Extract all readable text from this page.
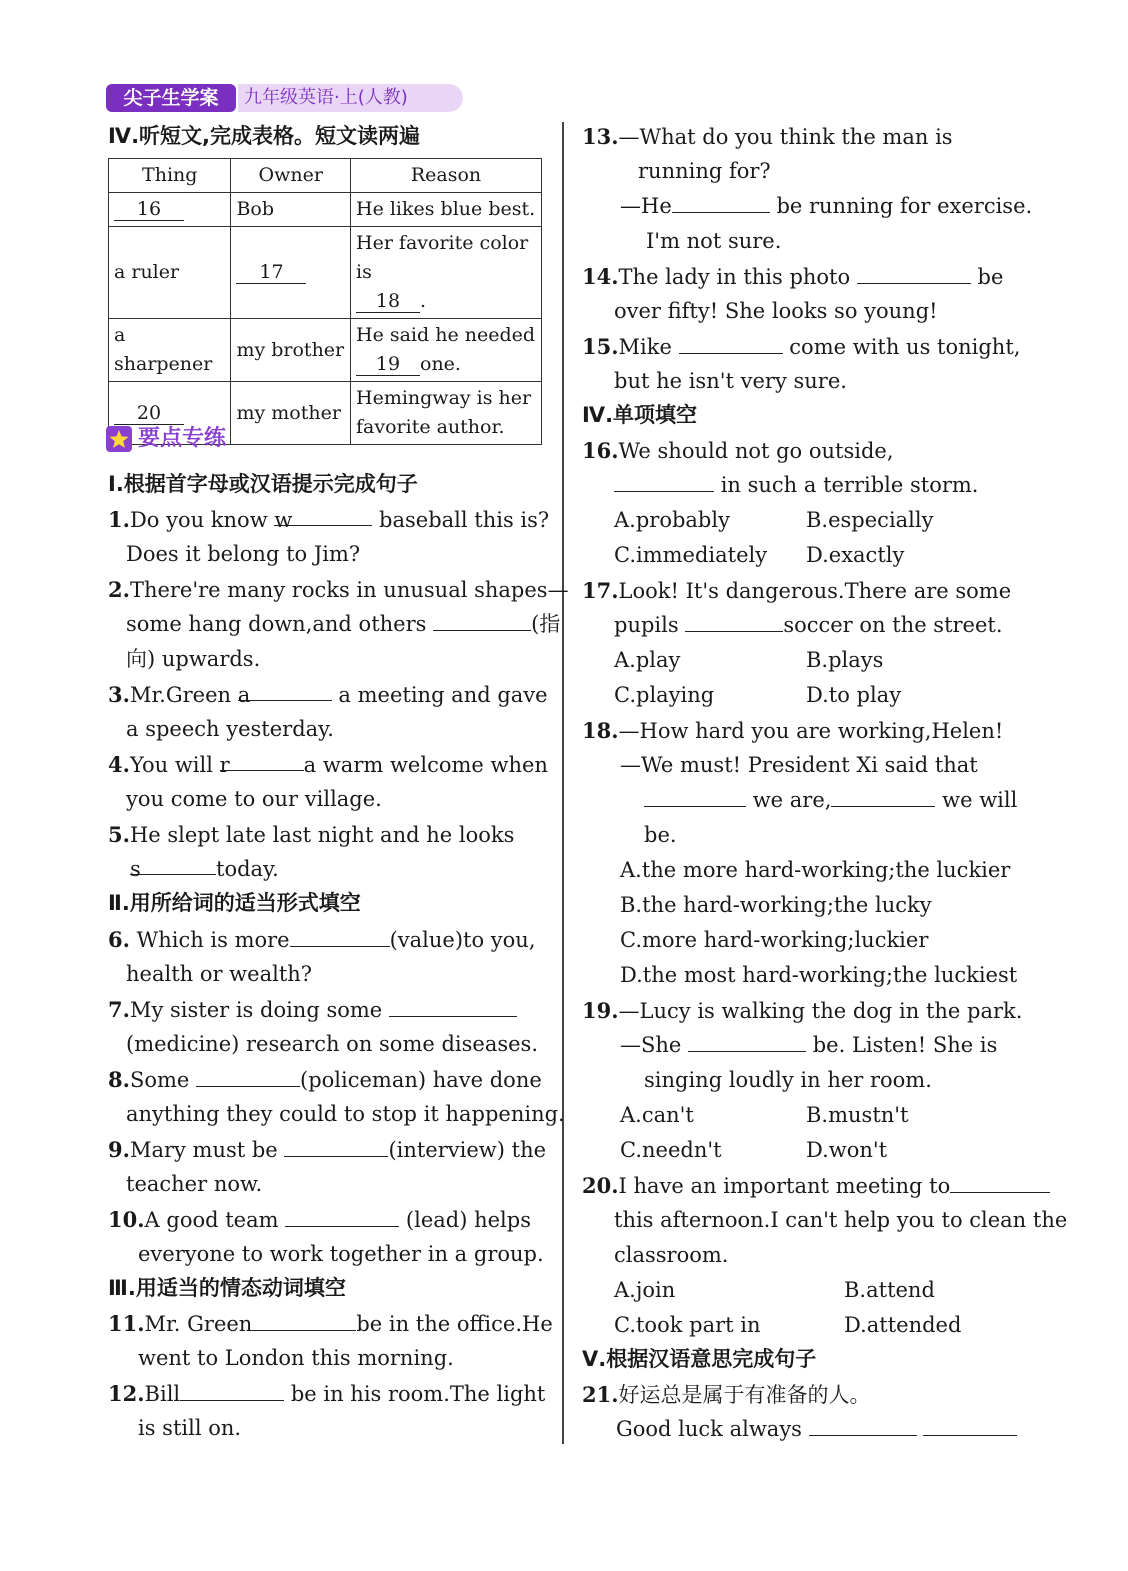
尖子生学案	九年级英语·上(人教)
Ⅳ.听短文,完成表格。短文读两遍
Thing	Owner	Reason
16	Bob	He likes blue best.
a ruler	17	Her favorite color is
18 .

a sharpener	my brother	He said he needed
19 one.

20	my mother	Hemingway is her
favorite author.
要点专练
Ⅰ.根据首字母或汉语提示完成句子
1.Do you know w	baseball this is?
Does it belong to Jim?
2.There're many rocks in unusual shapes—
some hang down,and others	(指
向) upwards.
3.Mr.Green a	a meeting and gave
a speech yesterday.
4.You will r	a warm welcome when
you come to our village.
5.He slept late last night and he looks
s	today.
Ⅱ.用所给词的适当形式填空
6. Which is more	(value)to you,
health or wealth?
7.My sister is doing some
(medicine) research on some diseases.
8.Some	(policeman) have done
anything they could to stop it happening.
9.Mary must be	(interview) the
teacher now.
10.A good team	(lead) helps
everyone to work together in a group.
Ⅲ.用适当的情态动词填空
11.Mr. Green	be in the office.He
went to London this morning.
12.Bill	be in his room.The light
is still on.
13.—What do you think the man is
running for?
—He	be running for exercise.
I'm not sure.
14.The lady in this photo	be
over fifty! She looks so young!
15.Mike	come with us tonight,
but he isn't very sure.
Ⅳ.单项填空
16.We should not go outside,
in such a terrible storm.
A.probably	B.especially
C.immediately D.exactly
17.Look! It's dangerous.There are some
pupils	soccer on the street.
A.play	B.plays
C.playing	D.to play
18.—How hard you are working,Helen!
—We must! President Xi said that
we are,	we will
be.
A.the more hard-working;the luckier
B.the hard-working;the lucky
C.more hard-working;luckier
D.the most hard-working;the luckiest
19.—Lucy is walking the dog in the park.
—She	be. Listen! She is
singing loudly in her room.
A.can't	B.mustn't
C.needn't	D.won't
20.I have an important meeting to
this afternoon.I can't help you to clean the
classroom.
A.join	B.attend
C.took part in	D.attended
Ⅴ.根据汉语意思完成句子
21.好运总是属于有准备的人。
Good luck always
